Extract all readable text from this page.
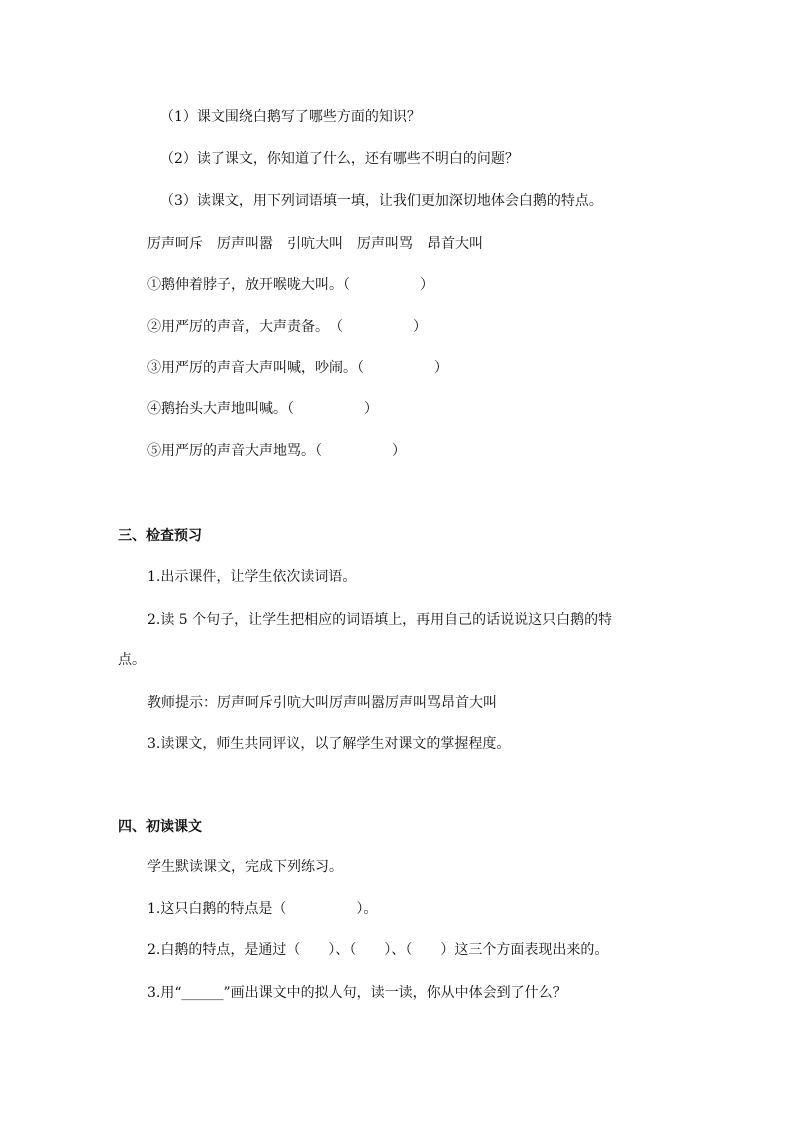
（1）课文围绕白鹅写了哪些方面的知识？
（2）读了课文，你知道了什么，还有哪些不明白的问题？
（3）读课文，用下列词语填一填，让我们更加深切地体会白鹅的特点。
厉声呵斥　厉声叫嚣　引吭大叫　厉声叫骂　昂首大叫
①鹅伸着脖子，放开喉咙大叫。（　　　　　）
②用严厉的声音，大声责备。　（　　　　　）
③用严厉的声音大声叫喊，吵闹。（　　　　　）
④鹅抬头大声地叫喊。（　　　　　）
⑤用严厉的声音大声地骂。（　　　　　）
三、检查预习
1.出示课件，让学生依次读词语。
2.读 5 个句子，让学生把相应的词语填上，再用自己的话说说这只白鹅的特
点。
教师提示：厉声呵斥引吭大叫厉声叫嚣厉声叫骂昂首大叫
3.读课文，师生共同评议，以了解学生对课文的掌握程度。
四、初读课文
学生默读课文，完成下列练习。
1.这只白鹅的特点是（　　　　　）。
2.白鹅的特点，是通过（　　）、（　　）、（　　）这三个方面表现出来的。
3.用“______”画出课文中的拟人句，读一读，你从中体会到了什么？
